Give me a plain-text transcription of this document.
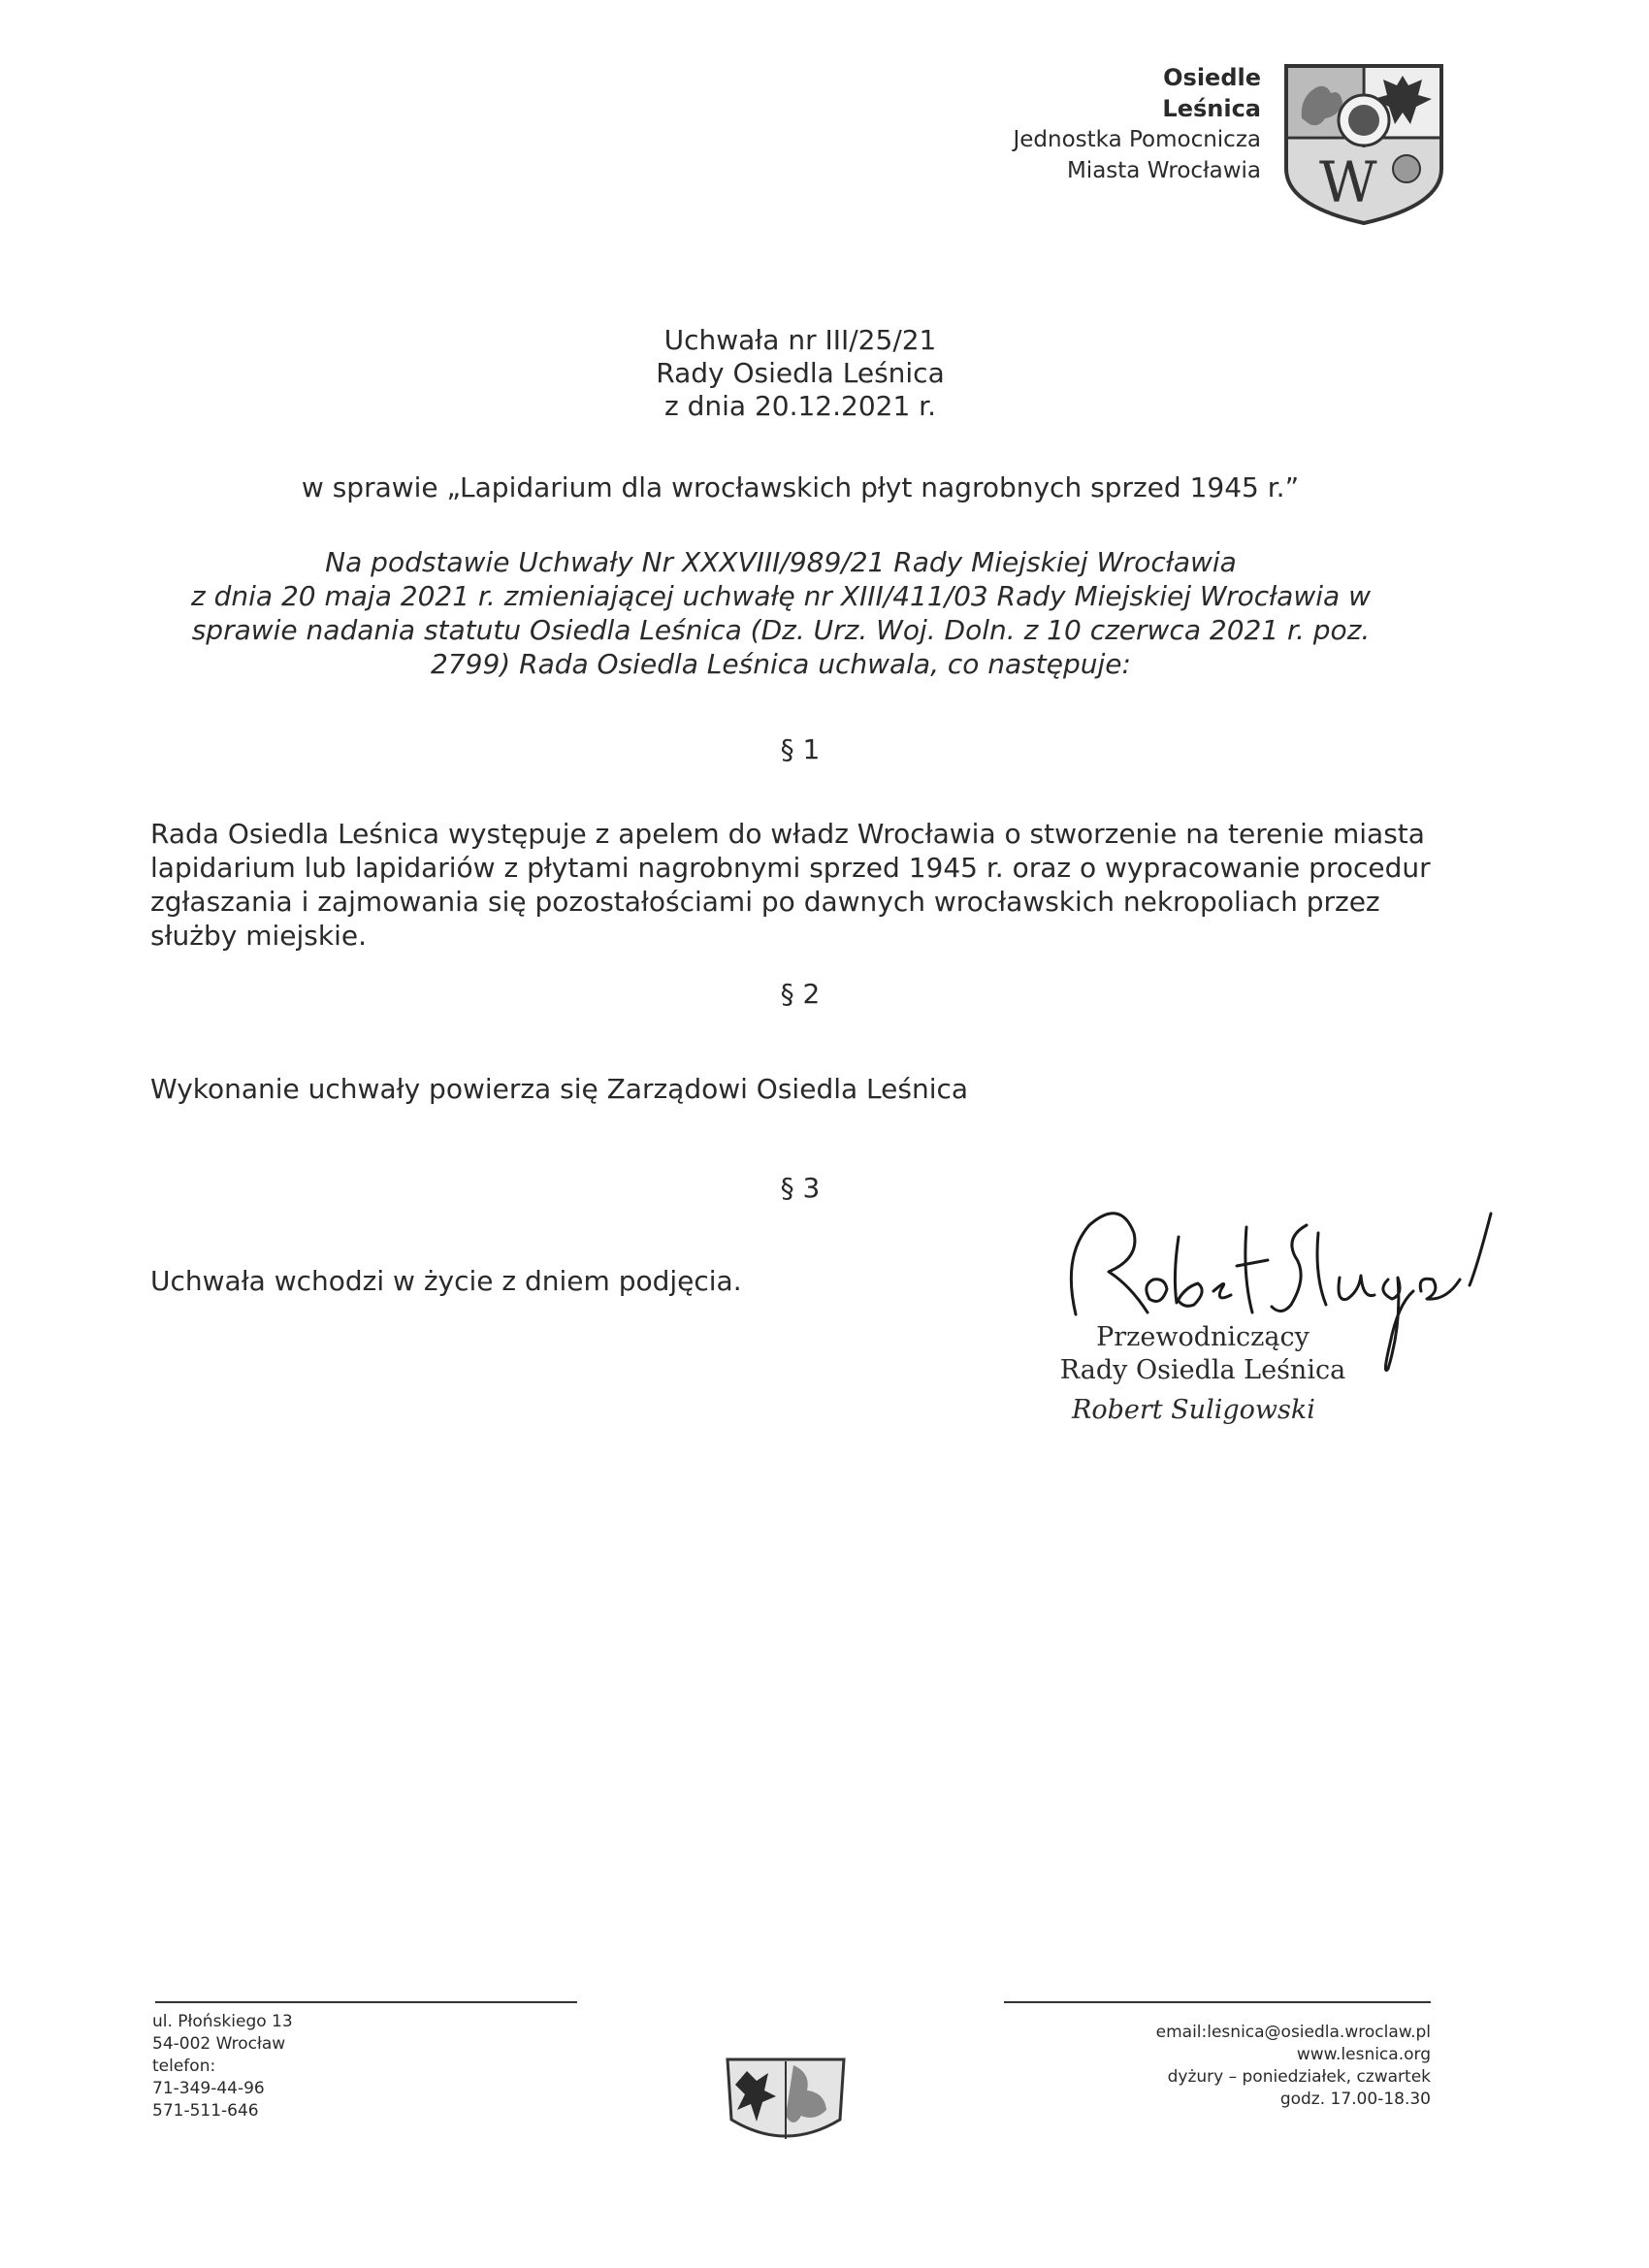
Osiedle
Leśnica
Jednostka Pomocnicza
Miasta Wrocławia W
Uchwała nr III/25/21
Rady Osiedla Leśnica
z dnia 20.12.2021 r.
w sprawie „Lapidarium dla wrocławskich płyt nagrobnych sprzed 1945 r.”
Na podstawie Uchwały Nr XXXVIII/989/21 Rady Miejskiej Wrocławia
z dnia 20 maja 2021 r. zmieniającej uchwałę nr XIII/411/03 Rady Miejskiej Wrocławia w
sprawie nadania statutu Osiedla Leśnica (Dz. Urz. Woj. Doln. z 10 czerwca 2021 r. poz.
2799) Rada Osiedla Leśnica uchwala, co następuje:
§ 1
Rada Osiedla Leśnica występuje z apelem do władz Wrocławia o stworzenie na terenie miasta
lapidarium lub lapidariów z płytami nagrobnymi sprzed 1945 r. oraz o wypracowanie procedur
zgłaszania i zajmowania się pozostałościami po dawnych wrocławskich nekropoliach przez
służby miejskie.
§ 2
Wykonanie uchwały powierza się Zarządowi Osiedla Leśnica
§ 3
Uchwała wchodzi w życie z dniem podjęcia.
Przewodniczący
Rady Osiedla Leśnica
Robert Suligowski
ul. Płońskiego 13
54-002 Wrocław
telefon:
71-349-44-96
571-511-646
email:lesnica@osiedla.wroclaw.pl
www.lesnica.org
dyżury – poniedziałek, czwartek
godz. 17.00-18.30
